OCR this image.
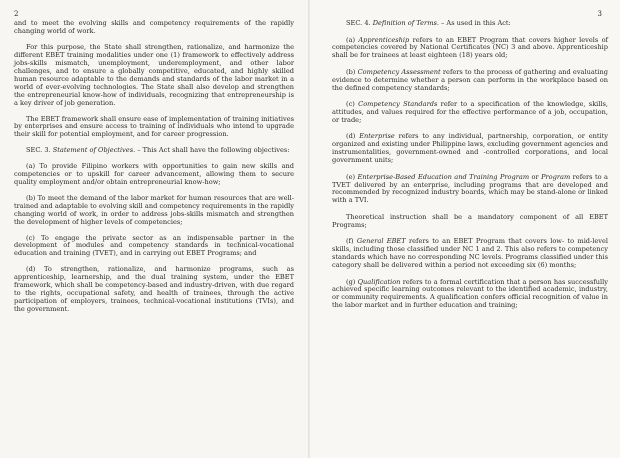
2

and to meet the evolving skills and competency requirements of the rapidly changing world of work.

For this purpose, the State shall strengthen, rationalize, and harmonize the different EBET training modalities under one (1) framework to effectively address jobs-skills mismatch, unemployment, underemployment, and other labor challenges, and to ensure a globally competitive, educated, and highly skilled human resource adaptable to the demands and standards of the labor market in a world of ever-evolving technologies. The State shall also develop and strengthen the entrepreneurial know-how of individuals, recognizing that entrepreneurship is a key driver of job generation.

The EBET framework shall ensure ease of implementation of training initiatives by enterprises and ensure access to training of individuals who intend to upgrade their skill for potential employment, and for career progression.

SEC. 3. Statement of Objectives. – This Act shall have the following objectives:

(a) To provide Filipino workers with opportunities to gain new skills and competencies or to upskill for career advancement, allowing them to secure quality employment and/or obtain entrepreneurial know-how;

(b) To meet the demand of the labor market for human resources that are well-trained and adaptable to evolving skill and competency requirements in the rapidly changing world of work, in order to address jobs-skills mismatch and strengthen the development of higher levels of competencies;

(c) To engage the private sector as an indispensable partner in the development of modules and competency standards in technical-vocational education and training (TVET), and in carrying out EBET Programs; and

(d) To strengthen, rationalize, and harmonize programs, such as apprenticeship, learnership, and the dual training system, under the EBET framework, which shall be competency-based and industry-driven, with due regard to the rights, occupational safety, and health of trainees, through the active participation of employers, trainees, technical-vocational institutions (TVIs), and the government.

3

SEC. 4. Definition of Terms. – As used in this Act:

(a) Apprenticeship refers to an EBET Program that covers higher levels of competencies covered by National Certificates (NC) 3 and above. Apprenticeship shall be for trainees at least eighteen (18) years old;

(b) Competency Assessment refers to the process of gathering and evaluating evidence to determine whether a person can perform in the workplace based on the defined competency standards;

(c) Competency Standards refer to a specification of the knowledge, skills, attitudes, and values required for the effective performance of a job, occupation, or trade;

(d) Enterprise refers to any individual, partnership, corporation, or entity organized and existing under Philippine laws, excluding government agencies and instrumentalities, government-owned and -controlled corporations, and local government units;

(e) Enterprise-Based Education and Training Program or Program refers to a TVET delivered by an enterprise, including programs that are developed and recommended by recognized industry boards, which may be stand-alone or linked with a TVI.

Theoretical instruction shall be a mandatory component of all EBET Programs;

(f) General EBET refers to an EBET Program that covers low- to mid-level skills, including those classified under NC 1 and 2. This also refers to competency standards which have no corresponding NC levels. Programs classified under this category shall be delivered within a period not exceeding six (6) months;

(g) Qualification refers to a formal certification that a person has successfully achieved specific learning outcomes relevant to the identified academic, industry, or community requirements. A qualification confers official recognition of value in the labor market and in further education and training;
